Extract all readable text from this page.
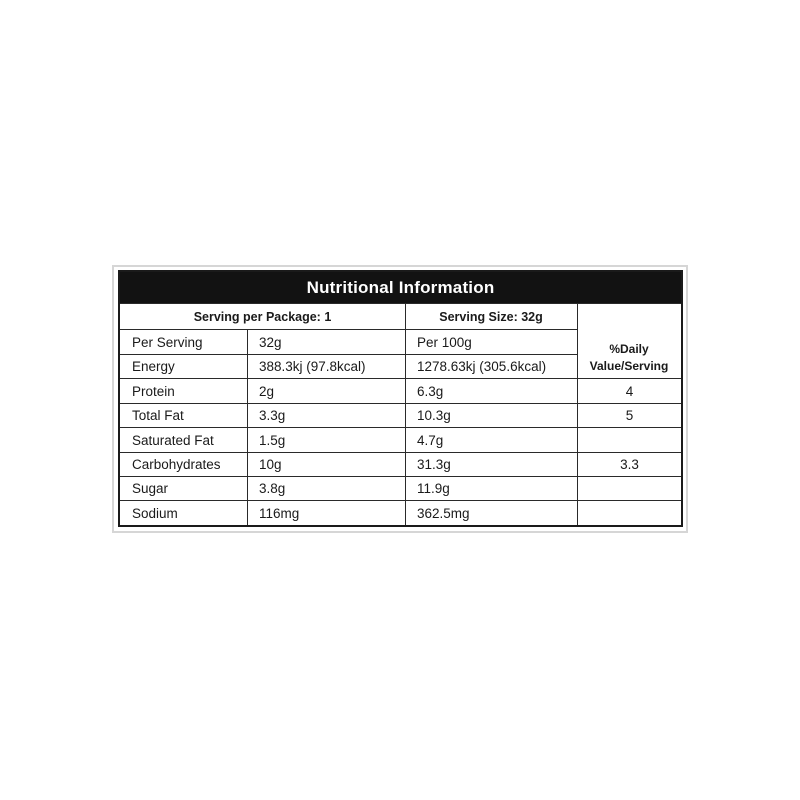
Nutritional Information
Serving per Package: 1	Serving Size: 32g
%Daily Value/Serving
Per Serving	32g	Per 100g
Energy	388.3kj (97.8kcal)	1278.63kj (305.6kcal)
Protein	2g	6.3g	4
Total Fat	3.3g	10.3g	5
Saturated Fat	1.5g	4.7g
Carbohydrates	10g	31.3g	3.3
Sugar	3.8g	11.9g
Sodium	116mg	362.5mg
